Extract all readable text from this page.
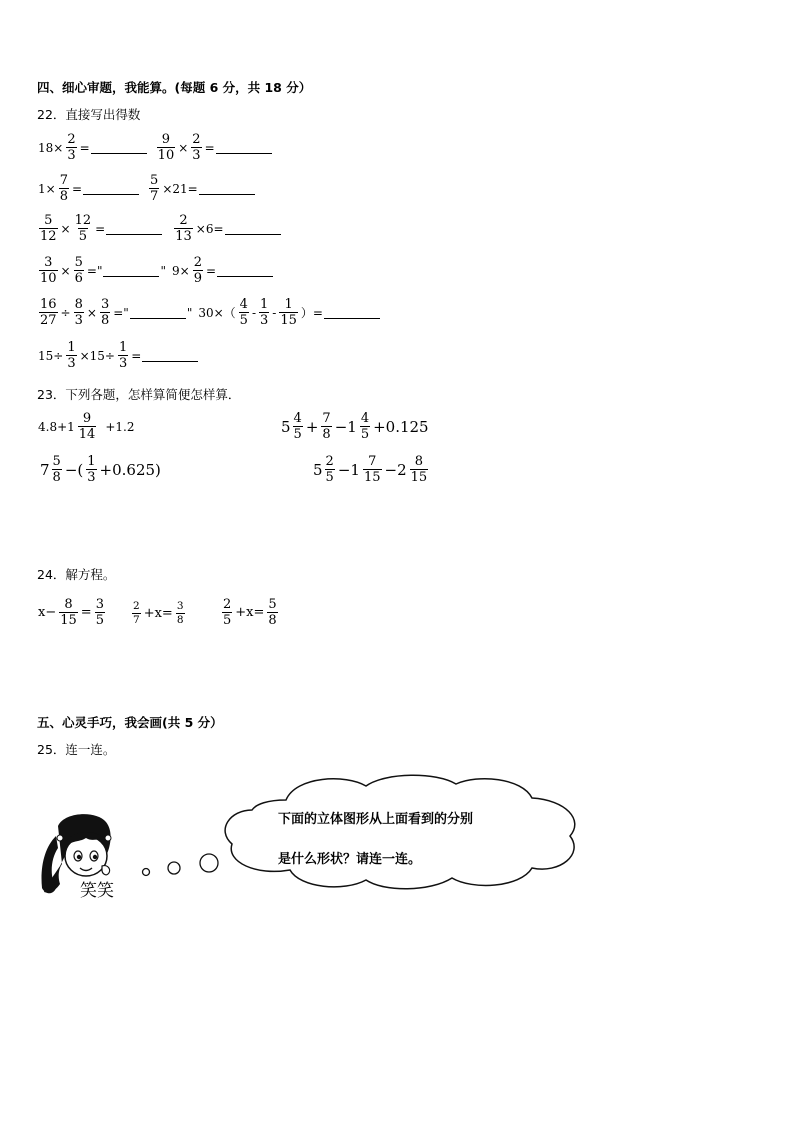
四、细心审题，我能算。(每题 6 分，共 18 分）
22．直接写出得数
$18\times \frac{2}{3}$ =	$\frac{9}{10} \times \frac{2}{3}$ =
$1\times \frac{7}{8}$ =	$\frac{5}{7} \times 21=$
$\frac{5}{12} \times \frac{12}{5}$ =	$\frac{2}{13} \times 6=$
$\frac{3}{10} \times \frac{5}{6}$ ="	" $9\times \frac{2}{9}$ =
$\frac{16}{27} \div \frac{8}{3} \times \frac{3}{8}$ ="	" $30\times( \frac{4}{5} - \frac{1}{3} - \frac{1}{15}$ ）=
$15\div \frac{1}{3} \times 15\div \frac{1}{3}$ =
23．下列各题，怎样算简便怎样算．
$4.8+1 \frac{9}{14} +1.2$	$5 \frac{4}{5} + \frac{7}{8} -1 \frac{4}{5} +0.125$
$7 \frac{5}{8}$ −( $\frac{1}{3} +0.625$)	$5 \frac{2}{5} -1 \frac{7}{15} -2 \frac{8}{15}$
24．解方程。
$x- \frac{8}{15} = \frac{3}{5}$	$\frac{2}{7} +x= \frac{3}{8}$	$\frac{2}{5} +x= \frac{5}{8}$
五、心灵手巧，我会画(共 5 分）
25．连一连。
笑笑
下面的立体图形从上面看到的分别
是什么形状？请连一连。
